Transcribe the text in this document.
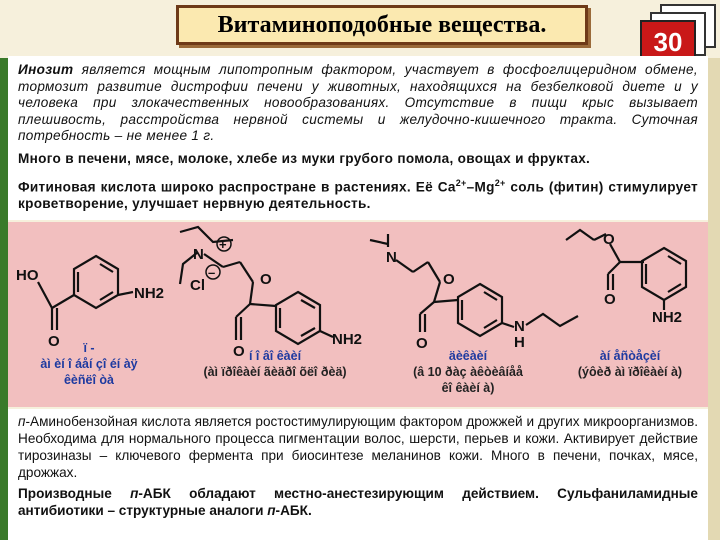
Витаминоподобные вещества.
30

Инозит является мощным липотропным фактором, участвует в фосфоглицеридном обмене, тормозит развитие дистрофии печени у животных, находящихся на безбелковой диете и у человека при злокачественных новообразованиях. Отсутствие в пищи крыс вызывает плешивость, расстройства нервной системы и желудочно-кишечного тракта. Суточная потребность – не менее 1 г.

Много в печени, мясе, молоке, хлебе из муки грубого помола, овощах и фруктах.

Фитиновая кислота широко распростране в растениях. Её $Ca^{2+}-Mg^{2+}$ соль (фитин) стимулирует кроветворение, улучшает нервную деятельность.

HO
O
NH2
N
+
Cl
–	O
O
NH2
N
O
O
N
H
O
O
NH2
ï -
àì èí î áåí çî éí àÿ
êèñëî òà
í î âî êàèí
(àì ïðîêàèí ãèäðî õëî ðèä)
äèêàèí
(â 10 ðàç àêòèâíåå
êî êàèí à)
àí åñòåçèí
(ýôèð àì ïðîêàèí à)

п-Аминобензойная кислота является ростостимулирующим фактором дрожжей и других микроорганизмов. Необходима для нормального процесса пигментации волос, шерсти, перьев и кожи. Активирует действие тирозиназы – ключевого фермента при биосинтезе меланинов кожи. Много в печени, почках, мясе, дрожжах.

Производные п-АБК обладают местно-анестезирующим действием. Сульфаниламидные антибиотики – структурные аналоги п-АБК.
